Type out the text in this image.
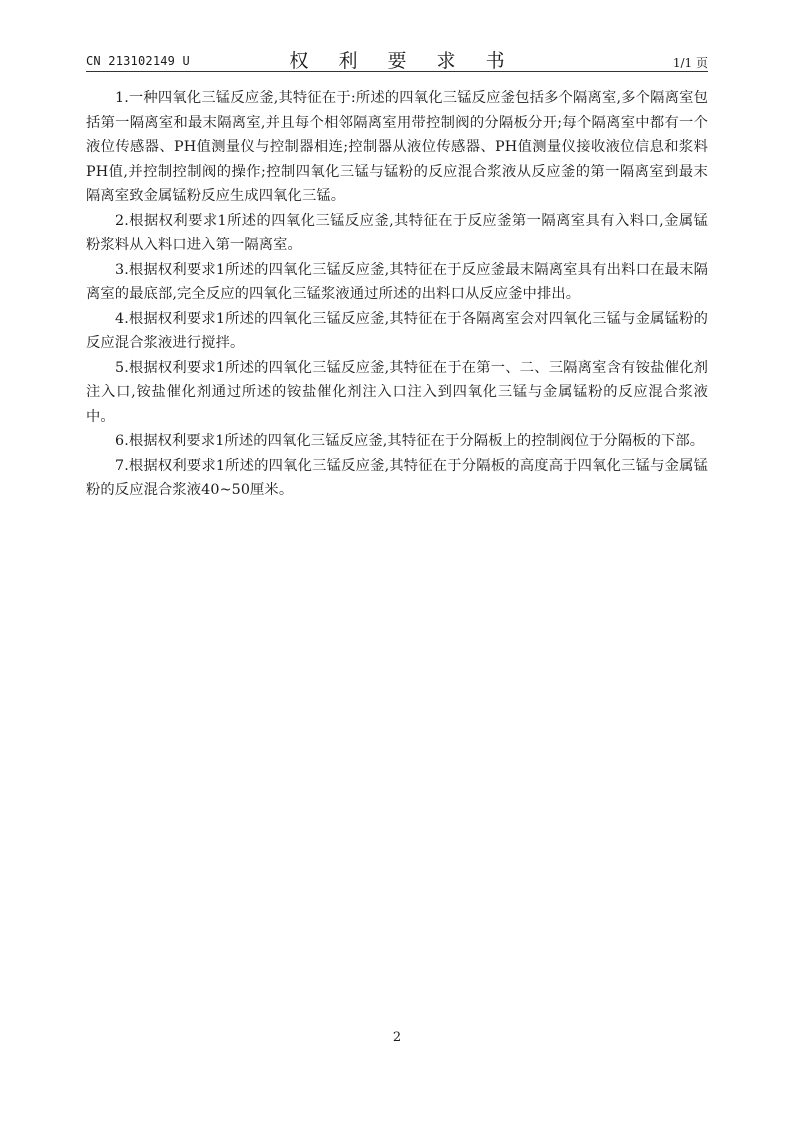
CN 213102149 U	权 利 要 求 书	1/1 页

1.一种四氧化三锰反应釜,其特征在于:所述的四氧化三锰反应釜包括多个隔离室,多个隔离室包括第一隔离室和最末隔离室,并且每个相邻隔离室用带控制阀的分隔板分开;每个隔离室中都有一个液位传感器、PH值测量仪与控制器相连;控制器从液位传感器、PH值测量仪接收液位信息和浆料PH值,并控制控制阀的操作;控制四氧化三锰与锰粉的反应混合浆液从反应釜的第一隔离室到最末隔离室致金属锰粉反应生成四氧化三锰。

2.根据权利要求1所述的四氧化三锰反应釜,其特征在于反应釜第一隔离室具有入料口,金属锰粉浆料从入料口进入第一隔离室。

3.根据权利要求1所述的四氧化三锰反应釜,其特征在于反应釜最末隔离室具有出料口在最末隔离室的最底部,完全反应的四氧化三锰浆液通过所述的出料口从反应釜中排出。

4.根据权利要求1所述的四氧化三锰反应釜,其特征在于各隔离室会对四氧化三锰与金属锰粉的反应混合浆液进行搅拌。

5.根据权利要求1所述的四氧化三锰反应釜,其特征在于在第一、二、三隔离室含有铵盐催化剂注入口,铵盐催化剂通过所述的铵盐催化剂注入口注入到四氧化三锰与金属锰粉的反应混合浆液中。

6.根据权利要求1所述的四氧化三锰反应釜,其特征在于分隔板上的控制阀位于分隔板的下部。

7.根据权利要求1所述的四氧化三锰反应釜,其特征在于分隔板的高度高于四氧化三锰与金属锰粉的反应混合浆液40~50厘米。

2
